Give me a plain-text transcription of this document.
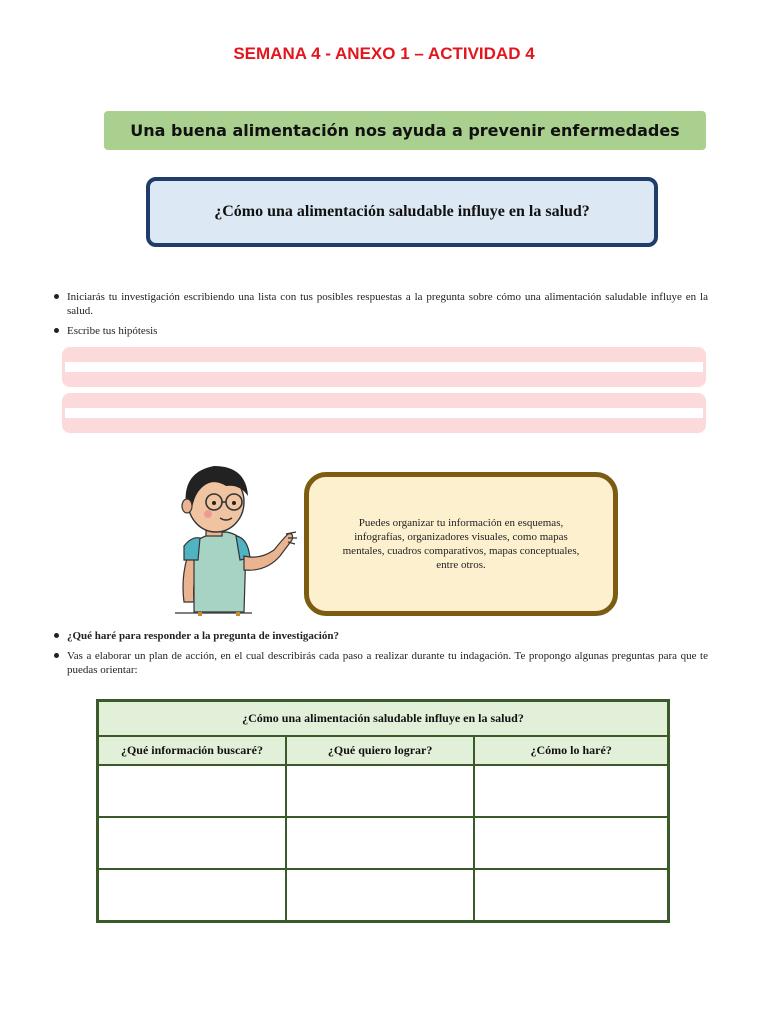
SEMANA 4 - ANEXO 1 – ACTIVIDAD 4
Una buena alimentación nos ayuda a prevenir enfermedades
¿Cómo una alimentación saludable influye en la salud?
Iniciarás tu investigación escribiendo una lista con tus posibles respuestas a la pregunta sobre cómo una alimentación saludable influye en la salud.
Escribe tus hipótesis
Puedes organizar tu información en esquemas, infografías, organizadores visuales, como mapas mentales, cuadros comparativos, mapas conceptuales, entre otros.
¿Qué haré para responder a la pregunta de investigación?
Vas a elaborar un plan de acción, en el cual describirás cada paso a realizar durante tu indagación. Te propongo algunas preguntas para que te puedas orientar:
¿Cómo una alimentación saludable influye en la salud?		
¿Qué información buscaré?	¿Qué quiero lograr?	¿Cómo lo haré?
